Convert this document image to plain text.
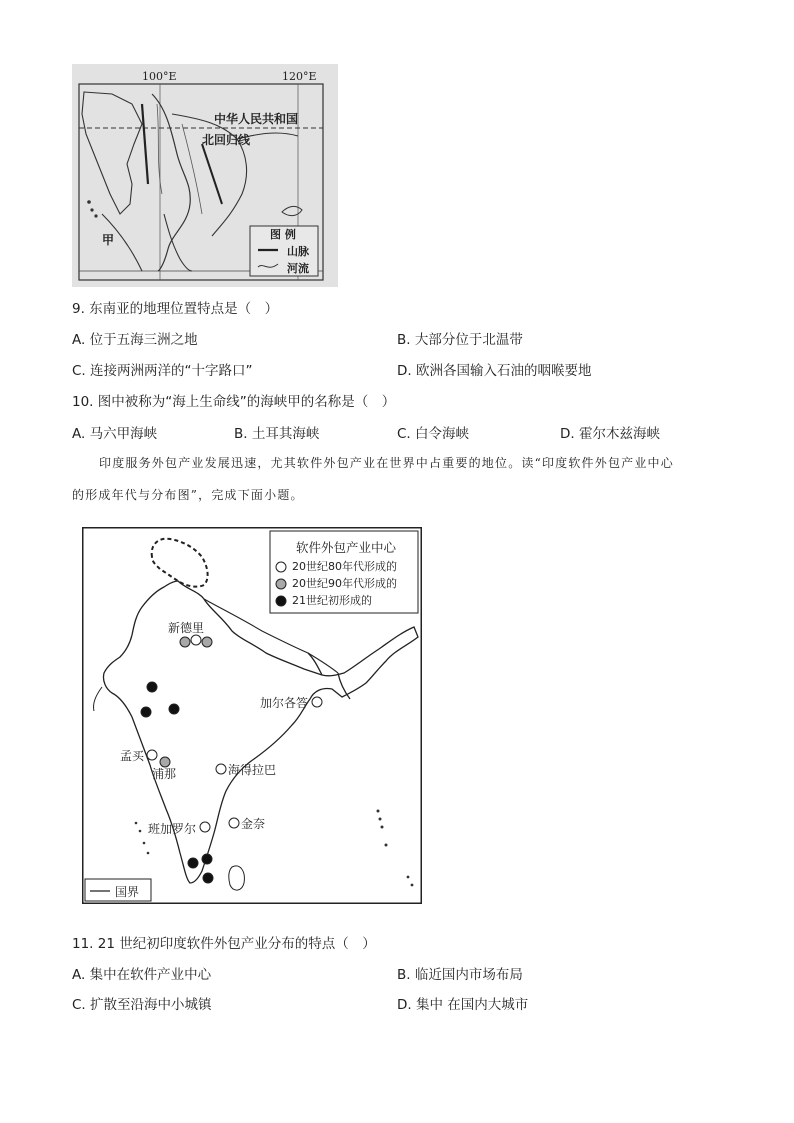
100°E	120°E
中华人民共和国
北回归线
甲	图 例
山脉
河流
9. 东南亚的地理位置特点是（　）
A. 位于五海三洲之地	B. 大部分位于北温带
C. 连接两洲两洋的“十字路口”	D. 欧洲各国输入石油的咽喉要地
10. 图中被称为“海上生命线”的海峡甲的名称是（　）
A. 马六甲海峡	B. 土耳其海峡	C. 白令海峡	D. 霍尔木兹海峡
印度服务外包产业发展迅速，尤其软件外包产业在世界中占重要的地位。读“印度软件外包产业中心
的形成年代与分布图”，完成下面小题。
软件外包产业中心
20世纪80年代形成的
20世纪90年代形成的
21世纪初形成的
国界
新德里
加尔各答
孟买
浦那	海得拉巴
班加罗尔	金奈
11. 21 世纪初印度软件外包产业分布的特点（　）
A. 集中在软件产业中心	B. 临近国内市场布局
C. 扩散至沿海中小城镇	D. 集中 在国内大城市
